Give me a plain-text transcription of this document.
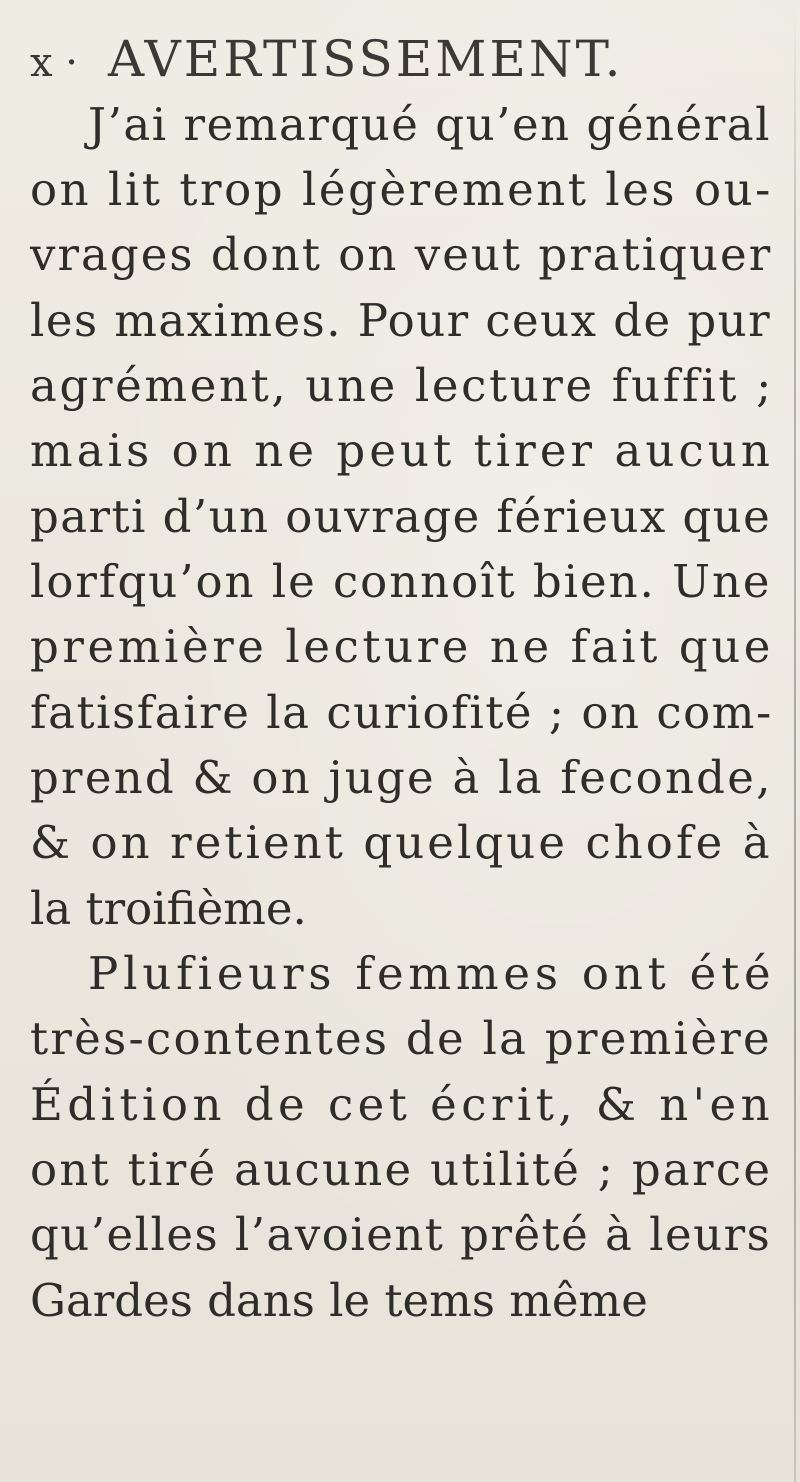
x · AVERTISSEMENT.
J’ai remarqué qu’en général
on lit trop légèrement les ou-
vrages dont on veut pratiquer
les maximes. Pour ceux de pur
agrément, une lecture fuffit ;
mais on ne peut tirer aucun
parti d’un ouvrage férieux que
lorfqu’on le connoît bien. Une
première lecture ne fait que
fatisfaire la curiofité ; on com-
prend & on juge à la feconde,
& on retient quelque chofe à
la troifième.
Plufieurs femmes ont été
très-contentes de la première
Édition de cet écrit, & n'en
ont tiré aucune utilité ; parce
qu’elles l’avoient prêté à leurs
Gardes dans le tems même
